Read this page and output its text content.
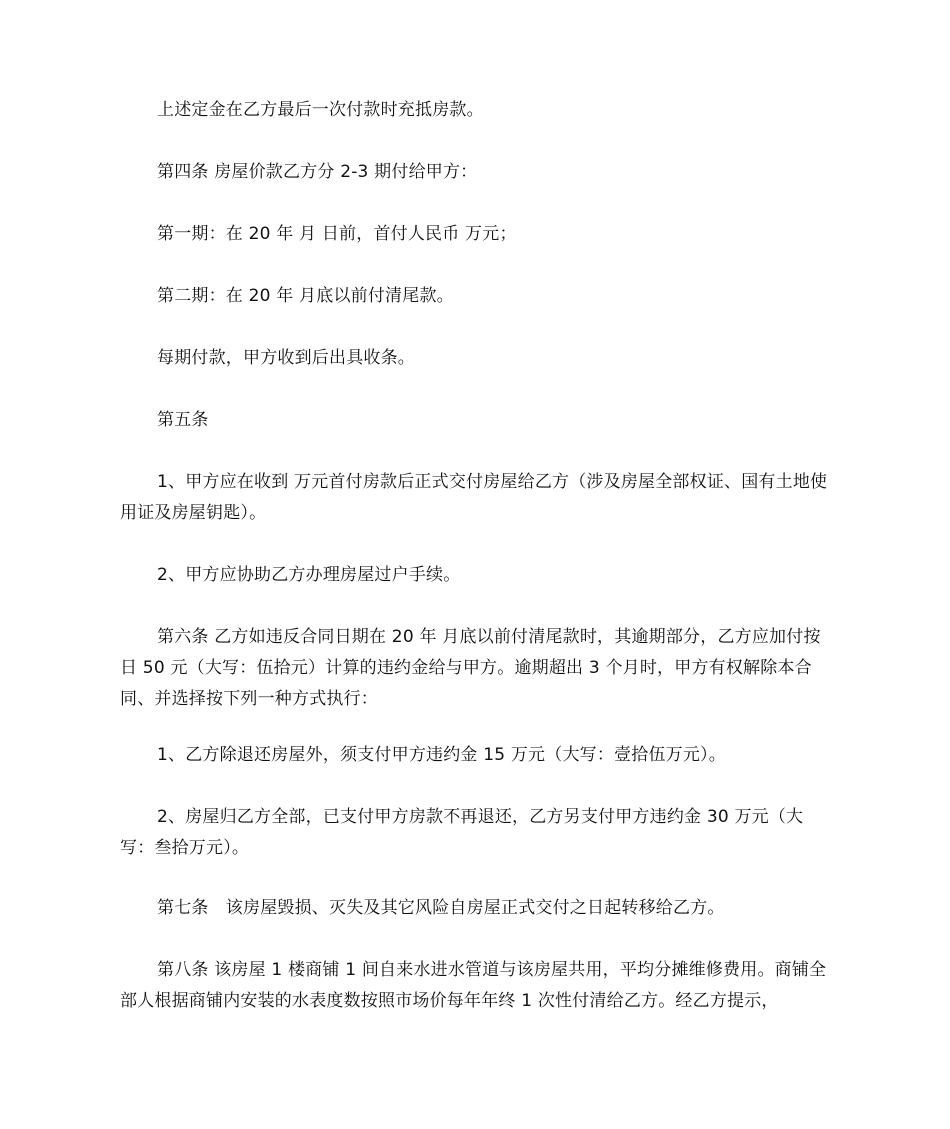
上述定金在乙方最后一次付款时充抵房款。

第四条 房屋价款乙方分 2-3 期付给甲方：

第一期：在 20 年 月 日前，首付人民币 万元；

第二期：在 20 年 月底以前付清尾款。

每期付款，甲方收到后出具收条。

第五条

1、甲方应在收到 万元首付房款后正式交付房屋给乙方（涉及房屋全部权证、国有土地使用证及房屋钥匙）。

2、甲方应协助乙方办理房屋过户手续。

第六条 乙方如违反合同日期在 20 年 月底以前付清尾款时，其逾期部分，乙方应加付按日 50 元（大写：伍拾元）计算的违约金给与甲方。逾期超出 3 个月时，甲方有权解除本合同、并选择按下列一种方式执行：

1、乙方除退还房屋外，须支付甲方违约金 15 万元（大写：壹拾伍万元）。

2、房屋归乙方全部，已支付甲方房款不再退还，乙方另支付甲方违约金 30 万元（大写：叁拾万元）。

第七条　该房屋毁损、灭失及其它风险自房屋正式交付之日起转移给乙方。

第八条 该房屋 1 楼商铺 1 间自来水进水管道与该房屋共用，平均分摊维修费用。商铺全部人根据商铺内安装的水表度数按照市场价每年年终 1 次性付清给乙方。经乙方提示，
